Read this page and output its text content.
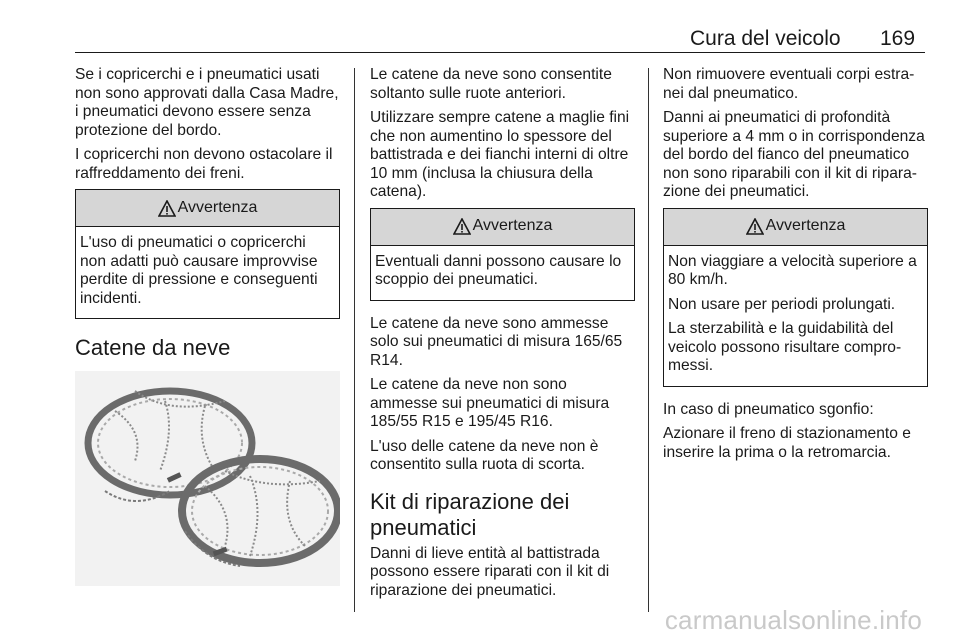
Cura del veicolo 169

Se i copricerchi e i pneumatici usati non sono approvati dalla Casa Madre, i pneumatici devono essere senza protezione del bordo.

I copricerchi non devono ostacolare il raffreddamento dei freni.

Avvertenza

L'uso di pneumatici o copricerchi non adatti può causare improvvise perdite di pressione e conseguenti incidenti.

Catene da neve

Le catene da neve sono consentite soltanto sulle ruote anteriori.

Utilizzare sempre catene a maglie fini che non aumentino lo spessore del battistrada e dei fianchi interni di oltre 10 mm (inclusa la chiusura della catena).

Avvertenza

Eventuali danni possono causare lo scoppio dei pneumatici.

Le catene da neve sono ammesse solo sui pneumatici di misura 165/65 R14.

Le catene da neve non sono ammesse sui pneumatici di misura 185/55 R15 e 195/45 R16.

L'uso delle catene da neve non è consentito sulla ruota di scorta.

Kit di riparazione dei pneumatici

Danni di lieve entità al battistrada possono essere riparati con il kit di riparazione dei pneumatici.

Non rimuovere eventuali corpi estra-nei dal pneumatico.

Danni ai pneumatici di profondità superiore a 4 mm o in corrispondenza del bordo del fianco del pneumatico non sono riparabili con il kit di ripara-zione dei pneumatici.

Avvertenza

Non viaggiare a velocità superiore a 80 km/h.

Non usare per periodi prolungati.

La sterzabilità e la guidabilità del veicolo possono risultare compro-messi.

In caso di pneumatico sgonfio:

Azionare il freno di stazionamento e inserire la prima o la retromarcia.

carmanualsonline.info
